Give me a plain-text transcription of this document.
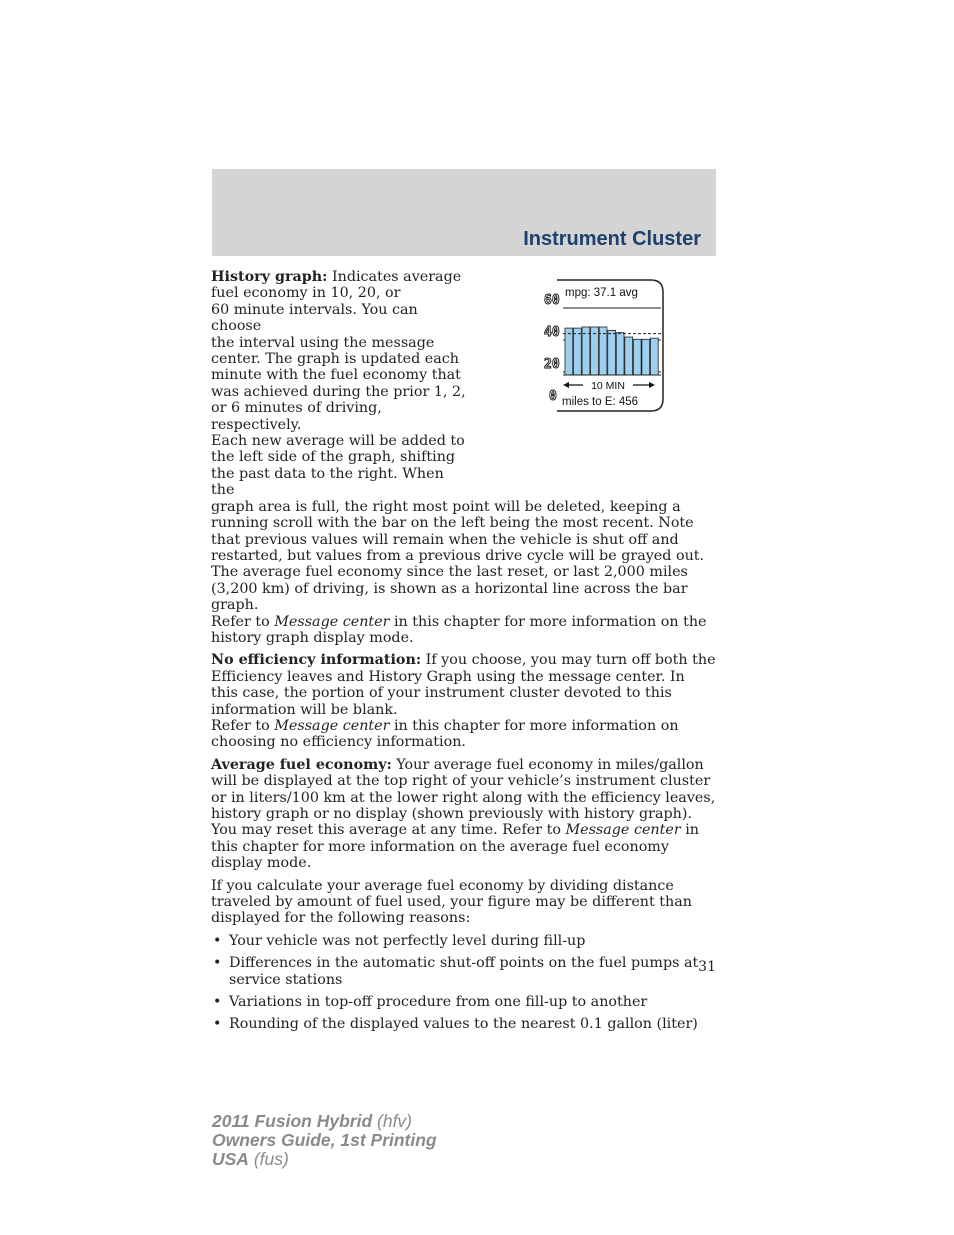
Instrument Cluster
History graph: Indicates average
fuel economy in 10, 20, or
60 minute intervals. You can choose
the interval using the message
center. The graph is updated each
minute with the fuel economy that
was achieved during the prior 1, 2,
or 6 minutes of driving, respectively.
Each new average will be added to
the left side of the graph, shifting
the past data to the right. When the

graph area is full, the right most point will be deleted, keeping a running scroll with the bar on the left being the most recent. Note that previous values will remain when the vehicle is shut off and restarted, but values from a previous drive cycle will be grayed out. The average fuel economy since the last reset, or last 2,000 miles (3,200 km) of driving, is shown as a horizontal line across the bar graph.

Refer to Message center in this chapter for more information on the history graph display mode.

No efficiency information: If you choose, you may turn off both the Efficiency leaves and History Graph using the message center. In this case, the portion of your instrument cluster devoted to this information will be blank.

Refer to Message center in this chapter for more information on choosing no efficiency information.

Average fuel economy: Your average fuel economy in miles/gallon will be displayed at the top right of your vehicle’s instrument cluster or in liters/100 km at the lower right along with the efficiency leaves, history graph or no display (shown previously with history graph). You may reset this average at any time. Refer to Message center in this chapter for more information on the average fuel economy display mode.

If you calculate your average fuel economy by dividing distance traveled by amount of fuel used, your figure may be different than displayed for the following reasons:

• Your vehicle was not perfectly level during fill-up
• Differences in the automatic shut-off points on the fuel pumps at service stations
• Variations in top-off procedure from one fill-up to another
• Rounding of the displayed values to the nearest 0.1 gallon (liter)
mpg: 37.1 avg
miles to E: 456
60
40
20
0
10 MIN
31
2011 Fusion Hybrid (hfv)
Owners Guide, 1st Printing
USA (fus)
